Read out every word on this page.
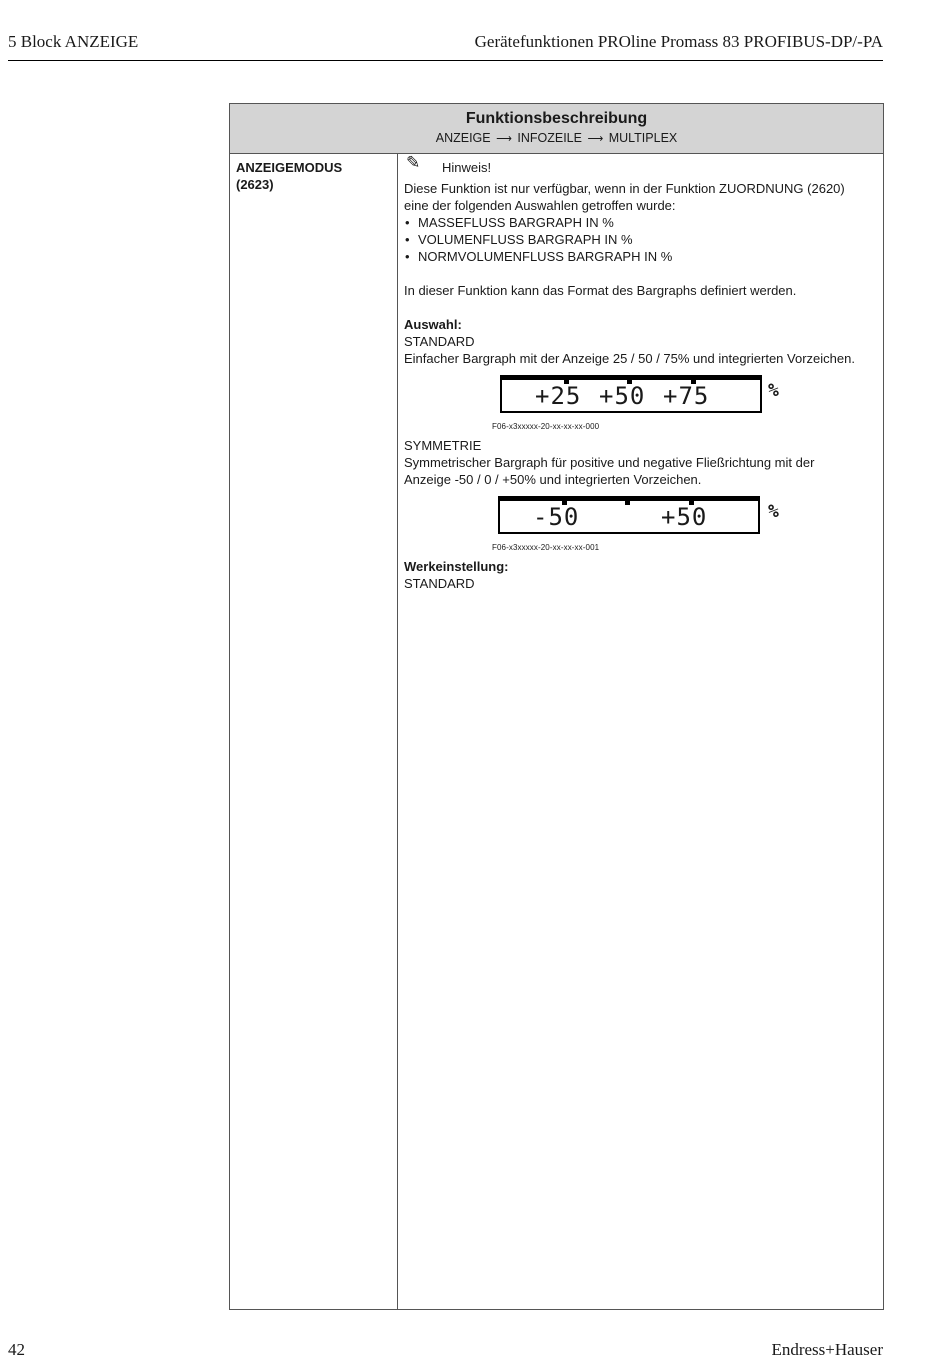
5 Block ANZEIGE	Gerätefunktionen PROline Promass 83 PROFIBUS-DP/-PA
Funktionsbeschreibung
ANZEIGE ⟶ INFOZEILE ⟶ MULTIPLEX
ANZEIGEMODUS
(2623)
✎ Hinweis!
Diese Funktion ist nur verfügbar, wenn in der Funktion ZUORDNUNG (2620)
eine der folgenden Auswahlen getroffen wurde:
• MASSEFLUSS BARGRAPH IN %
• VOLUMENFLUSS BARGRAPH IN %
• NORMVOLUMENFLUSS BARGRAPH IN %
In dieser Funktion kann das Format des Bargraphs definiert werden.
Auswahl:
STANDARD
Einfacher Bargraph mit der Anzeige 25 / 50 / 75% und integrierten Vorzeichen.
+25 +50 +75	%
F06-x3xxxxx-20-xx-xx-xx-000
SYMMETRIE
Symmetrischer Bargraph für positive und negative Fließrichtung mit der
Anzeige -50 / 0 / +50% und integrierten Vorzeichen.
-50	+50	%
F06-x3xxxxx-20-xx-xx-xx-001
Werkeinstellung:
STANDARD
42	Endress+Hauser
